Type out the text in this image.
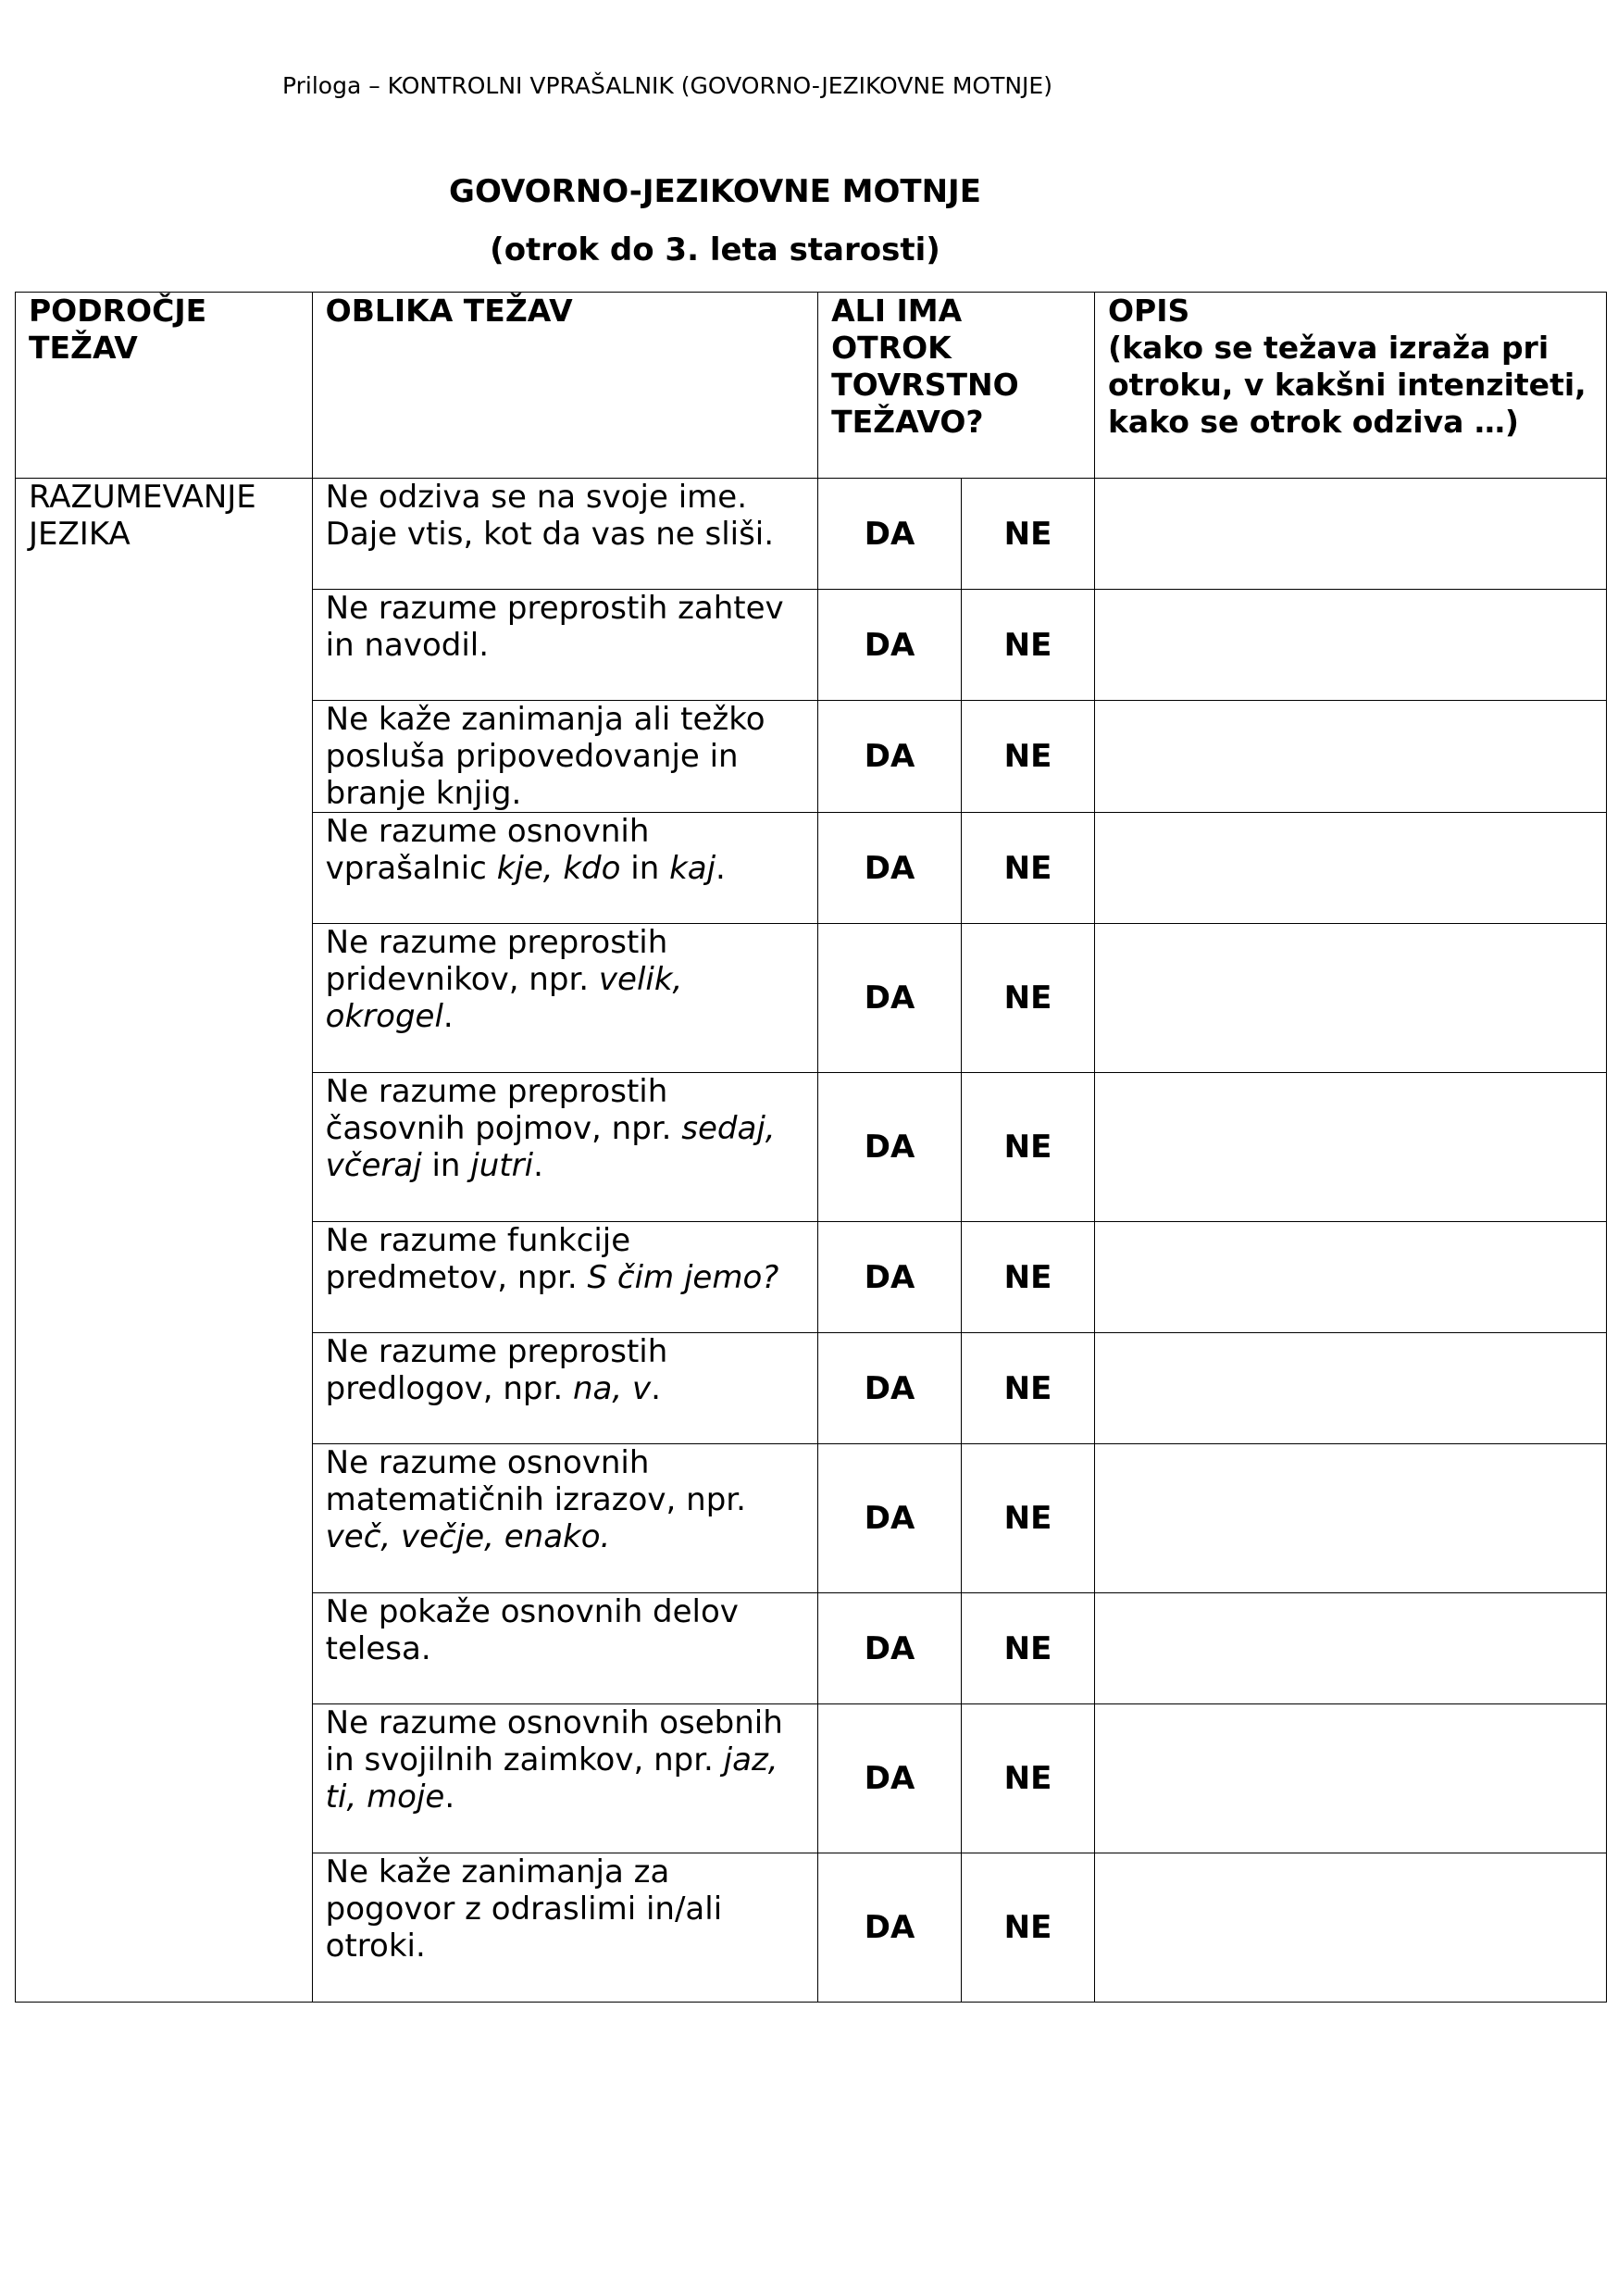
Priloga – KONTROLNI VPRAŠALNIK (GOVORNO-JEZIKOVNE MOTNJE)
GOVORNO-JEZIKOVNE MOTNJE
(otrok do 3. leta starosti)
PODROČJE TEŽAV	OBLIKA TEŽAV	ALI IMA OTROK TOVRSTNO TEŽAVO?		OPIS
(kako se težava izraža pri otroku, v kakšni intenziteti, kako se otrok odziva …)

RAZUMEVANJE JEZIKA	Ne odziva se na svoje ime. Daje vtis, kot da vas ne sliši.	DA	NE	
	Ne razume preprostih zahtev in navodil.	DA	NE	
	Ne kaže zanimanja ali težko posluša pripovedovanje in branje knjig.	DA	NE	
	Ne razume osnovnih vprašalnic kje, kdo in kaj.	DA	NE	
	Ne razume preprostih pridevnikov, npr. velik, okrogel.	DA	NE	
	Ne razume preprostih časovnih pojmov, npr. sedaj, včeraj in jutri.	DA	NE	
	Ne razume funkcije predmetov, npr. S čim jemo?	DA	NE	
	Ne razume preprostih predlogov, npr. na, v.	DA	NE	
	Ne razume osnovnih matematičnih izrazov, npr. več, večje, enako.	DA	NE	
	Ne pokaže osnovnih delov telesa.	DA	NE	
	Ne razume osnovnih osebnih in svojilnih zaimkov, npr. jaz, ti, moje.	DA	NE	
	Ne kaže zanimanja za pogovor z odraslimi in/ali otroki.	DA	NE	
